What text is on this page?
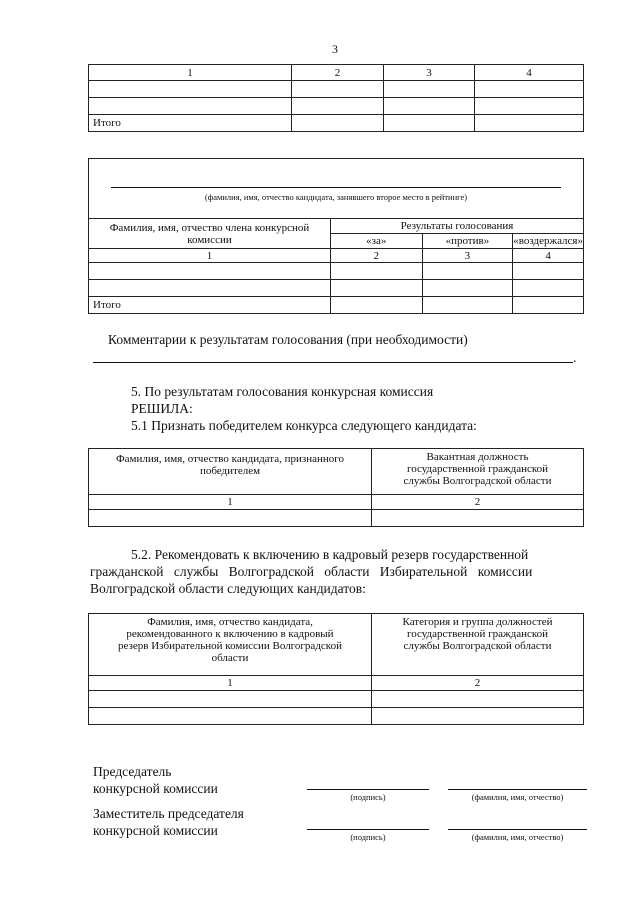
3
1	2	3	4

Итого			
(фамилия, имя, отчество кандидата, занявшего второе место в рейтинге)			

Фамилия, имя, отчество члена конкурсной комиссии	Результаты голосования		
	«за»	«против»	«воздержался»
1	2	3	4

Итого			
Комментарии к результатам голосования (при необходимости)
.
5. По результатам голосования конкурсная комиссия
РЕШИЛА:
5.1 Признать победителем конкурса следующего кандидата:
Фамилия, имя, отчество кандидата, признанного победителем	Вакантная должность государственной гражданской службы Волгоградской области
1	2

5.2. Рекомендовать к включению в кадровый резерв государственной
гражданской службы Волгоградской области Избирательной комиссии
Волгоградской области следующих кандидатов:
Фамилия, имя, отчество кандидата, рекомендованного к включению в кадровый резерв Избирательной комиссии Волгоградской области	Категория и группа должностей государственной гражданской службы Волгоградской области
1	2

Председатель
конкурсной комиссии
(подпись)	(фамилия, имя, отчество)
Заместитель председателя
конкурсной комиссии	(подпись)	(фамилия, имя, отчество)
